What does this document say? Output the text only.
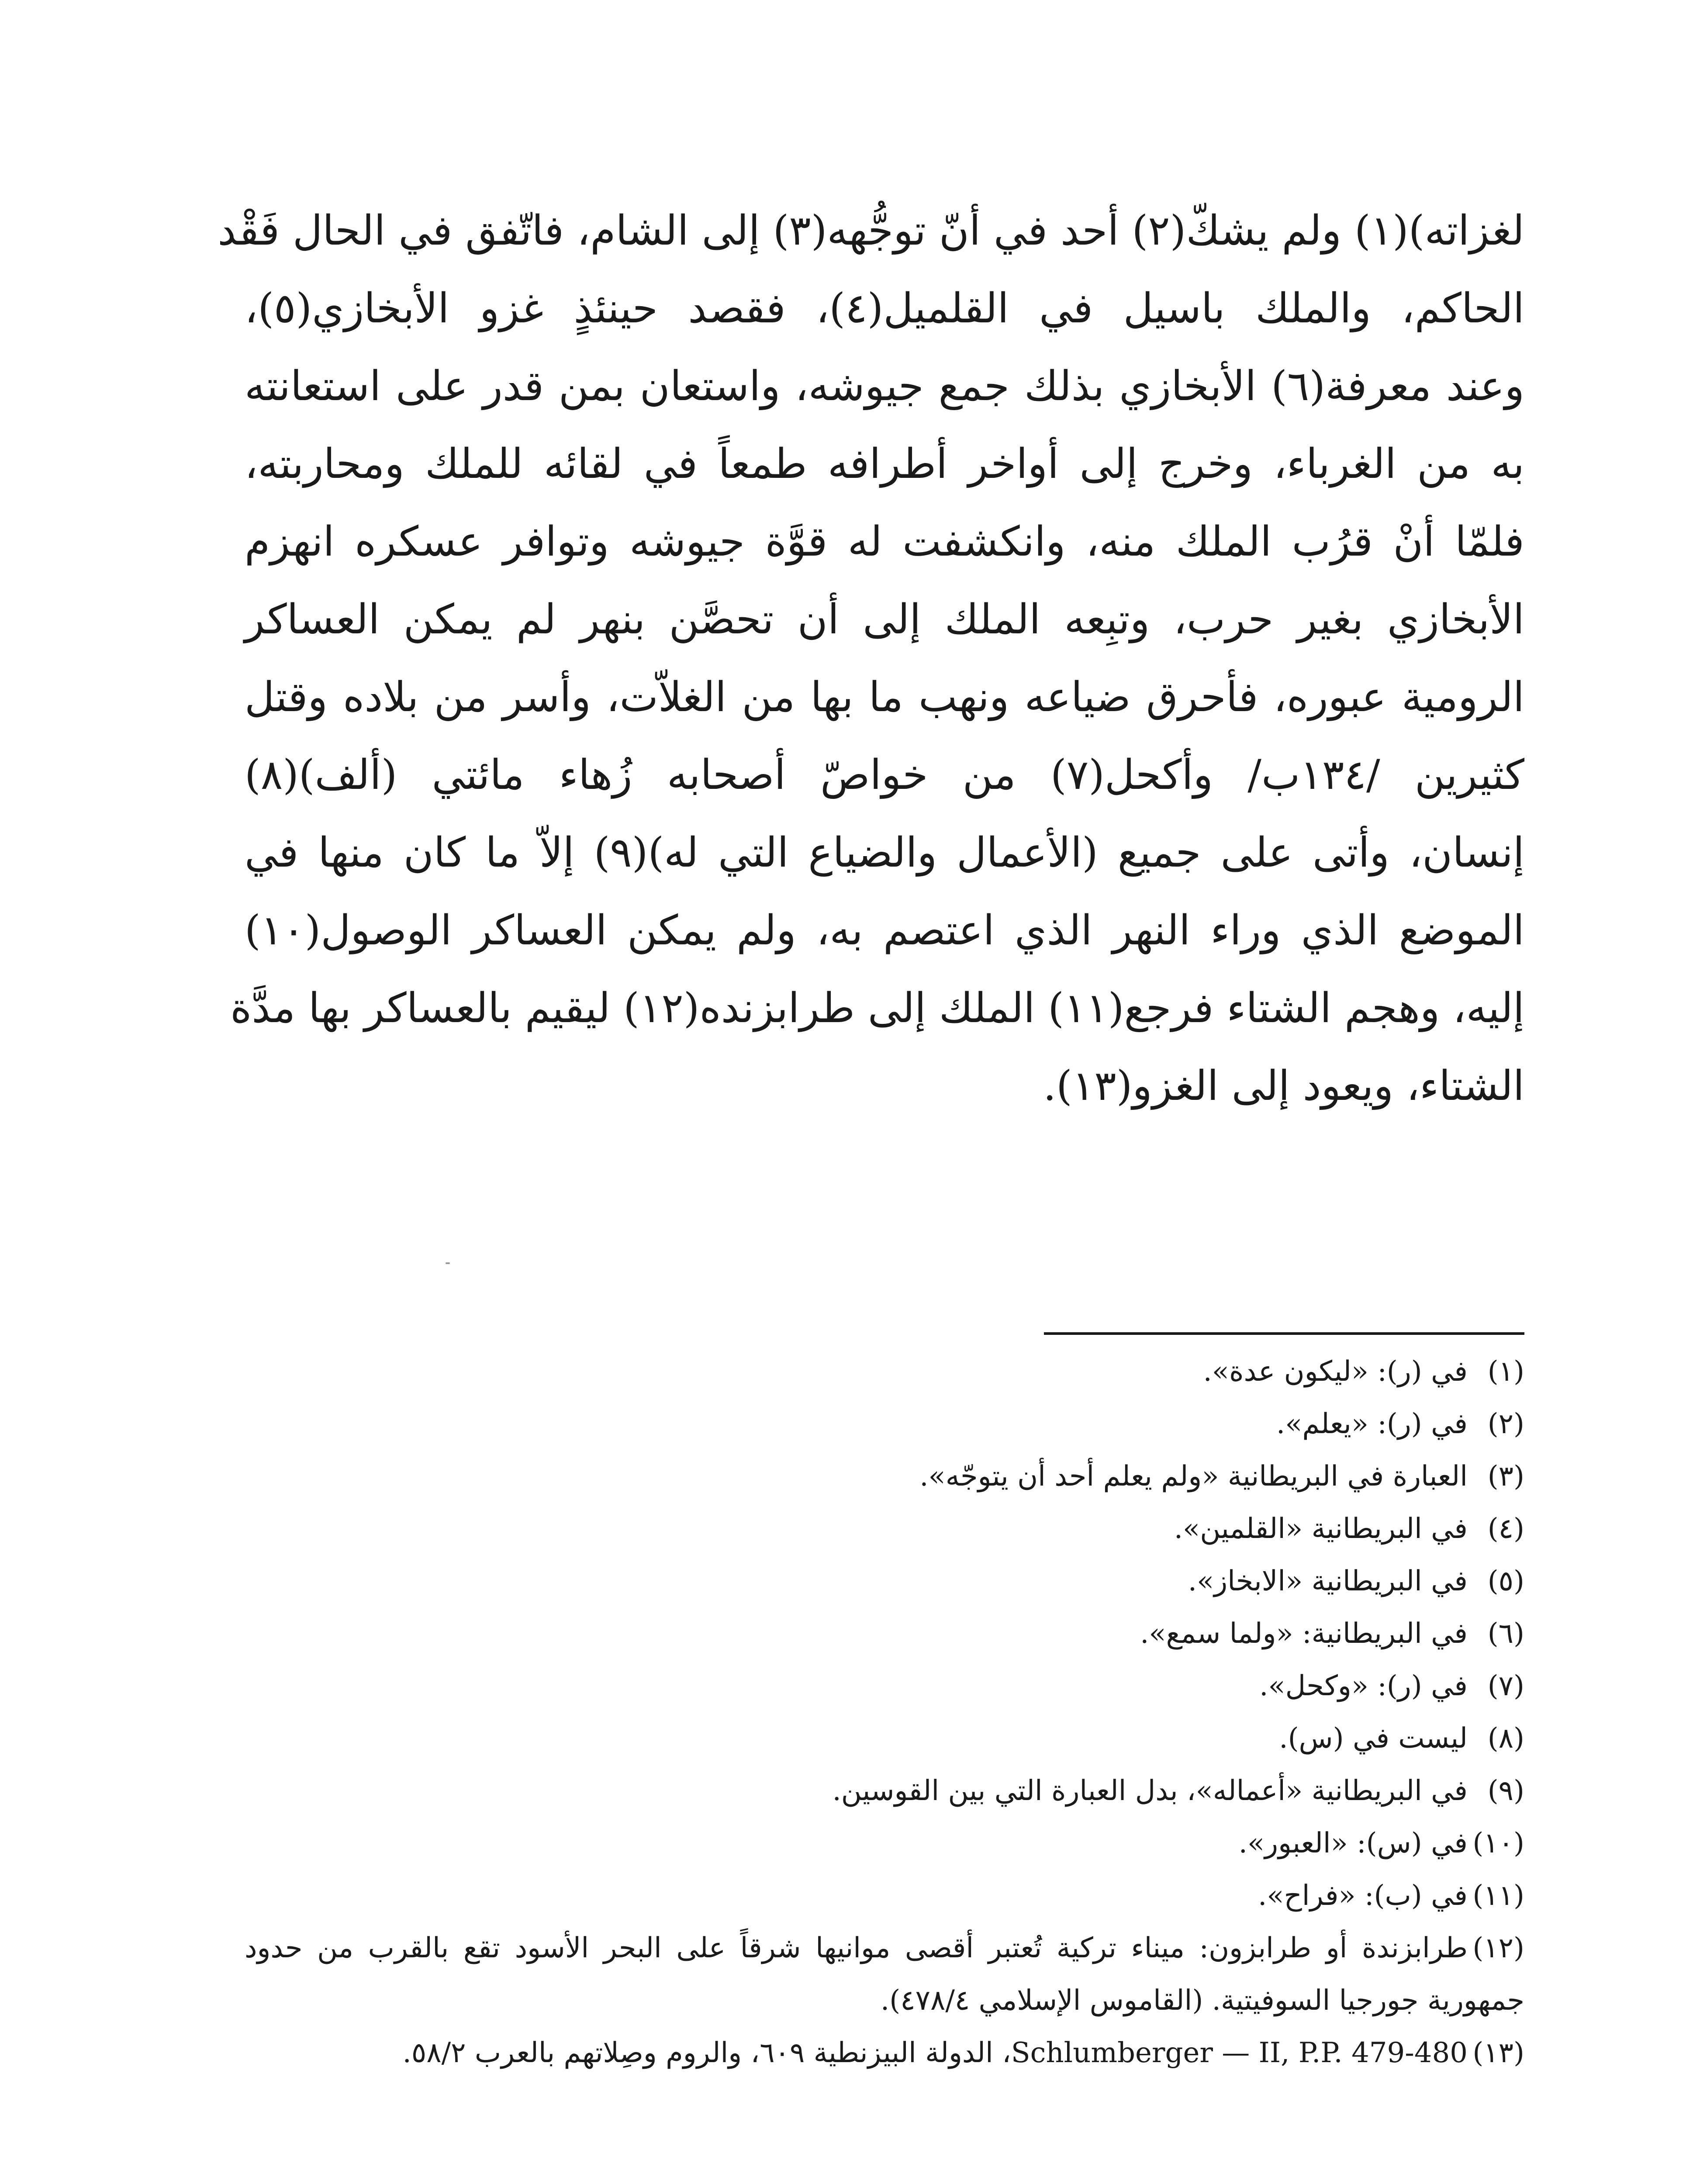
لغزاته)(١) ولم يشكّ(٢) أحد في أنّ توجُّهه(٣) إلى الشام، فاتّفق في الحال فَقْد
الحاكم، والملك باسيل في القلميل(٤)، فقصد حينئذٍ غزو الأبخازي(٥)،
وعند معرفة(٦) الأبخازي بذلك جمع جيوشه، واستعان بمن قدر على استعانته
به من الغرباء، وخرج إلى أواخر أطرافه طمعاً في لقائه للملك ومحاربته،
فلمّا أنْ قرُب الملك منه، وانكشفت له قوَّة جيوشه وتوافر عسكره انهزم
الأبخازي بغير حرب، وتبِعه الملك إلى أن تحصَّن بنهر لم يمكن العساكر
الرومية عبوره، فأحرق ضياعه ونهب ما بها من الغلاّت، وأسر من بلاده وقتل
كثيرين /١٣٤ب/ وأكحل(٧) من خواصّ أصحابه زُهاء مائتي (ألف)(٨)
إنسان، وأتى على جميع (الأعمال والضياع التي له)(٩) إلاّ ما كان منها في
الموضع الذي وراء النهر الذي اعتصم به، ولم يمكن العساكر الوصول(١٠)
إليه، وهجم الشتاء فرجع(١١) الملك إلى طرابزنده(١٢) ليقيم بالعساكر بها مدَّة
الشتاء، ويعود إلى الغزو(١٣).
(١)في (ر): «ليكون عدة».
(٢)في (ر): «يعلم».
(٣)العبارة في البريطانية «ولم يعلم أحد أن يتوجّه».
(٤)في البريطانية «القلمين».
(٥)في البريطانية «الابخاز».
(٦)في البريطانية: «ولما سمع».
(٧)في (ر): «وكحل».
(٨)ليست في (س).
(٩)في البريطانية «أعماله»، بدل العبارة التي بين القوسين.
(١٠)في (س): «العبور».
(١١)في (ب): «فراح».
(١٢)طرابزندة أو طرابزون: ميناء تركية تُعتبر أقصى موانيها شرقاً على البحر الأسود تقع بالقرب من حدود جمهورية جورجيا السوفيتية. (القاموس الإسلامي ٤٧٨/٤).
(١٣)Schlumberger — II, P.P. 479-480، الدولة البيزنطية ٦٠٩، والروم وصِلاتهم بالعرب ٥٨/٢.
